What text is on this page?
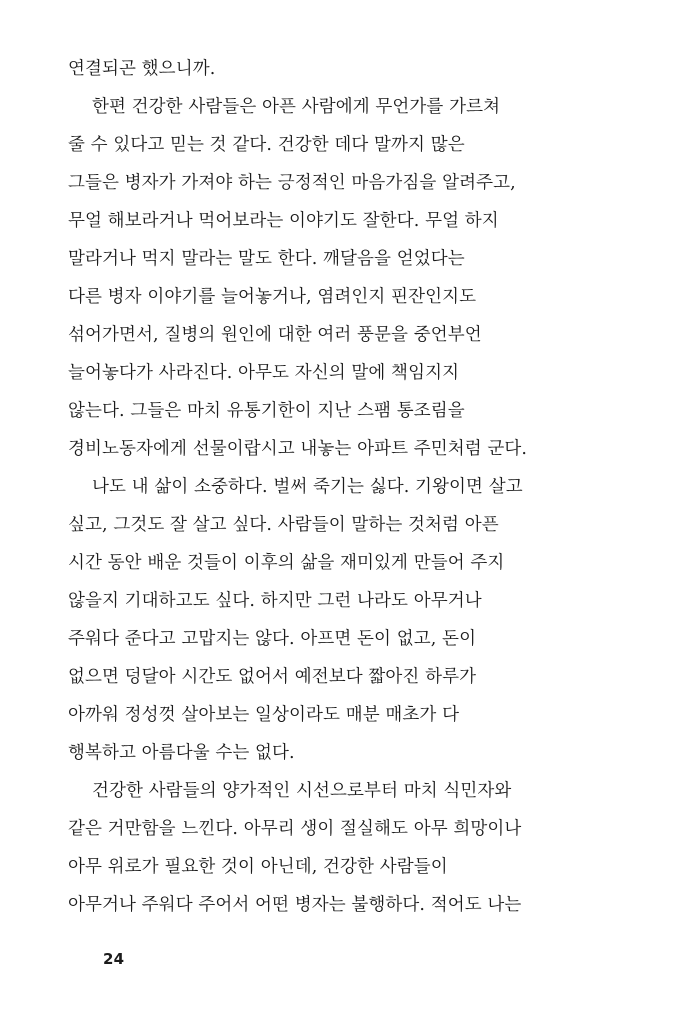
연결되곤 했으니까.
한편 건강한 사람들은 아픈 사람에게 무언가를 가르쳐
줄 수 있다고 믿는 것 같다. 건강한 데다 말까지 많은
그들은 병자가 가져야 하는 긍정적인 마음가짐을 알려주고,
무얼 해보라거나 먹어보라는 이야기도 잘한다. 무얼 하지
말라거나 먹지 말라는 말도 한다. 깨달음을 얻었다는
다른 병자 이야기를 늘어놓거나, 염려인지 핀잔인지도
섞어가면서, 질병의 원인에 대한 여러 풍문을 중언부언
늘어놓다가 사라진다. 아무도 자신의 말에 책임지지
않는다. 그들은 마치 유통기한이 지난 스팸 통조림을
경비노동자에게 선물이랍시고 내놓는 아파트 주민처럼 군다.
나도 내 삶이 소중하다. 벌써 죽기는 싫다. 기왕이면 살고
싶고, 그것도 잘 살고 싶다. 사람들이 말하는 것처럼 아픈
시간 동안 배운 것들이 이후의 삶을 재미있게 만들어 주지
않을지 기대하고도 싶다. 하지만 그런 나라도 아무거나
주워다 준다고 고맙지는 않다. 아프면 돈이 없고, 돈이
없으면 덩달아 시간도 없어서 예전보다 짧아진 하루가
아까워 정성껏 살아보는 일상이라도 매분 매초가 다
행복하고 아름다울 수는 없다.
건강한 사람들의 양가적인 시선으로부터 마치 식민자와
같은 거만함을 느낀다. 아무리 생이 절실해도 아무 희망이나
아무 위로가 필요한 것이 아닌데, 건강한 사람들이
아무거나 주워다 주어서 어떤 병자는 불행하다. 적어도 나는
24
